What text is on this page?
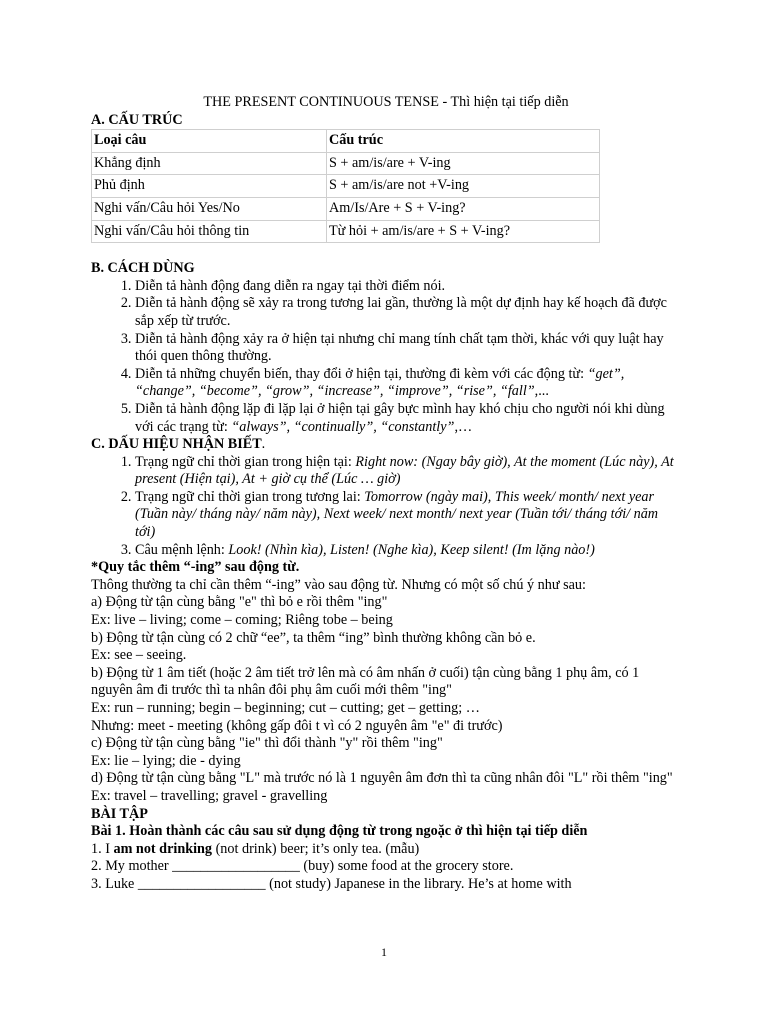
THE PRESENT CONTINUOUS TENSE - Thì hiện tại tiếp diễn
A. CẤU TRÚC
Loại câu	Cấu trúc
Khẳng định	S + am/is/are + V-ing
Phủ định	S + am/is/are not +V-ing
Nghi vấn/Câu hỏi Yes/No	Am/Is/Are + S + V-ing?
Nghi vấn/Câu hỏi thông tin	Từ hỏi + am/is/are + S + V-ing?
B. CÁCH DÙNG
1. Diễn tả hành động đang diễn ra ngay tại thời điểm nói.
2. Diễn tả hành động sẽ xảy ra trong tương lai gần, thường là một dự định hay kế hoạch đã được sắp xếp từ trước.
3. Diễn tả hành động xảy ra ở hiện tại nhưng chỉ mang tính chất tạm thời, khác với quy luật hay thói quen thông thường.
4. Diễn tả những chuyển biến, thay đổi ở hiện tại, thường đi kèm với các động từ: “get”, “change”, “become”, “grow”, “increase”, “improve”, “rise”, “fall”,...
5. Diễn tả hành động lặp đi lặp lại ở hiện tại gây bực mình hay khó chịu cho người nói khi dùng với các trạng từ: “always”, “continually”, “constantly”,…
C. DẤU HIỆU NHẬN BIẾT.
1. Trạng ngữ chỉ thời gian trong hiện tại: Right now: (Ngay bây giờ), At the moment (Lúc này), At present (Hiện tại), At + giờ cụ thể (Lúc … giờ)
2. Trạng ngữ chỉ thời gian trong tương lai: Tomorrow (ngày mai), This week/ month/ next year (Tuần này/ tháng này/ năm này), Next week/ next month/ next year (Tuần tới/ tháng tới/ năm tới)
3. Câu mệnh lệnh: Look! (Nhìn kìa), Listen! (Nghe kìa), Keep silent! (Im lặng nào!)
*Quy tắc thêm “-ing” sau động từ.
Thông thường ta chỉ cần thêm “-ing” vào sau động từ. Nhưng có một số chú ý như sau:
a) Động từ tận cùng bằng "e" thì bỏ e rồi thêm "ing"
Ex: live – living; come – coming; Riêng tobe – being
b) Động từ tận cùng có 2 chữ “ee”, ta thêm “ing” bình thường không cần bỏ e.
Ex: see – seeing.
b) Động từ 1 âm tiết (hoặc 2 âm tiết trở lên mà có âm nhấn ở cuối) tận cùng bằng 1 phụ âm, có 1 nguyên âm đi trước thì ta nhân đôi phụ âm cuối mới thêm "ing"
Ex: run – running; begin – beginning; cut – cutting; get – getting; …
Nhưng: meet - meeting (không gấp đôi t vì có 2 nguyên âm "e" đi trước)
c) Động từ tận cùng bằng "ie" thì đổi thành "y" rồi thêm "ing"
Ex: lie – lying; die - dying
d) Động từ tận cùng bằng "L" mà trước nó là 1 nguyên âm đơn thì ta cũng nhân đôi "L" rồi thêm "ing"
Ex: travel – travelling; gravel - gravelling
BÀI TẬP
Bài 1. Hoàn thành các câu sau sử dụng động từ trong ngoặc ở thì hiện tại tiếp diễn
1. I am not drinking (not drink) beer; it’s only tea. (mẫu)
2. My mother __________________ (buy) some food at the grocery store.
3. Luke __________________ (not study) Japanese in the library. He’s at home with
1
